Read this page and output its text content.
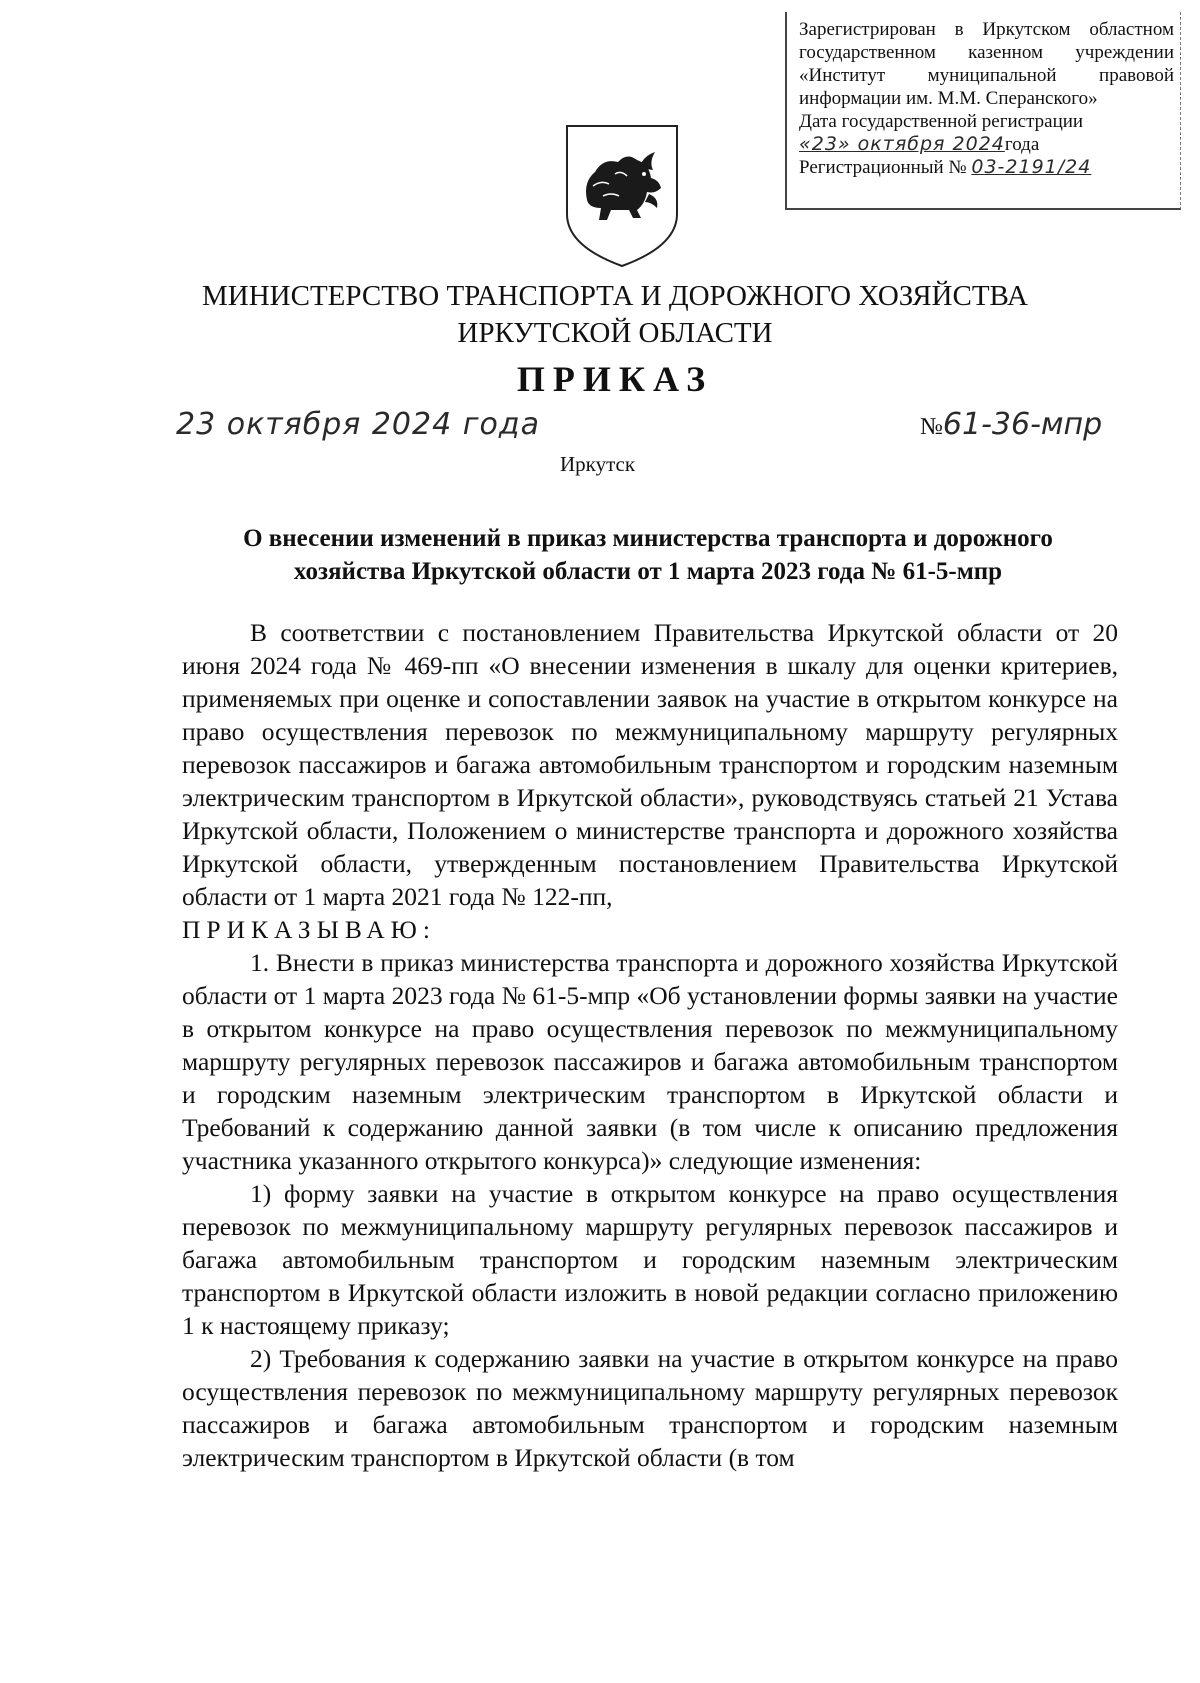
Зарегистрирован в Иркутском областном

государственном казенном учреждении

«Институт муниципальной правовой

информации им. М.М. Сперанского»

Дата государственной регистрации

«23» октября 2024года

Регистрационный № 03-2191/24

МИНИСТЕРСТВО ТРАНСПОРТА И ДОРОЖНОГО ХОЗЯЙСТВА
ИРКУТСКОЙ ОБЛАСТИ
ПРИКАЗ
23 октября 2024 года	№61-36-мпр
Иркутск
О внесении изменений в приказ министерства транспорта и дорожного
хозяйства Иркутской области от 1 марта 2023 года № 61-5-мпр

В соответствии с постановлением Правительства Иркутской области от 20 июня 2024 года № 469-пп «О внесении изменения в шкалу для оценки критериев, применяемых при оценке и сопоставлении заявок на участие в открытом конкурсе на право осуществления перевозок по межмуниципальному маршруту регулярных перевозок пассажиров и багажа автомобильным транспортом и городским наземным электрическим транспортом в Иркутской области», руководствуясь статьей 21 Устава Иркутской области, Положением о министерстве транспорта и дорожного хозяйства Иркутской области, утвержденным постановлением Правительства Иркутской области от 1 марта 2021 года № 122-пп,

ПРИКАЗЫВАЮ:

1. Внести в приказ министерства транспорта и дорожного хозяйства Иркутской области от 1 марта 2023 года № 61-5-мпр «Об установлении формы заявки на участие в открытом конкурсе на право осуществления перевозок по межмуниципальному маршруту регулярных перевозок пассажиров и багажа автомобильным транспортом и городским наземным электрическим транспортом в Иркутской области и Требований к содержанию данной заявки (в том числе к описанию предложения участника указанного открытого конкурса)» следующие изменения:

1) форму заявки на участие в открытом конкурсе на право осуществления перевозок по межмуниципальному маршруту регулярных перевозок пассажиров и багажа автомобильным транспортом и городским наземным электрическим транспортом в Иркутской области изложить в новой редакции согласно приложению 1 к настоящему приказу;

2) Требования к содержанию заявки на участие в открытом конкурсе на право осуществления перевозок по межмуниципальному маршруту регулярных перевозок пассажиров и багажа автомобильным транспортом и городским наземным электрическим транспортом в Иркутской области (в том
